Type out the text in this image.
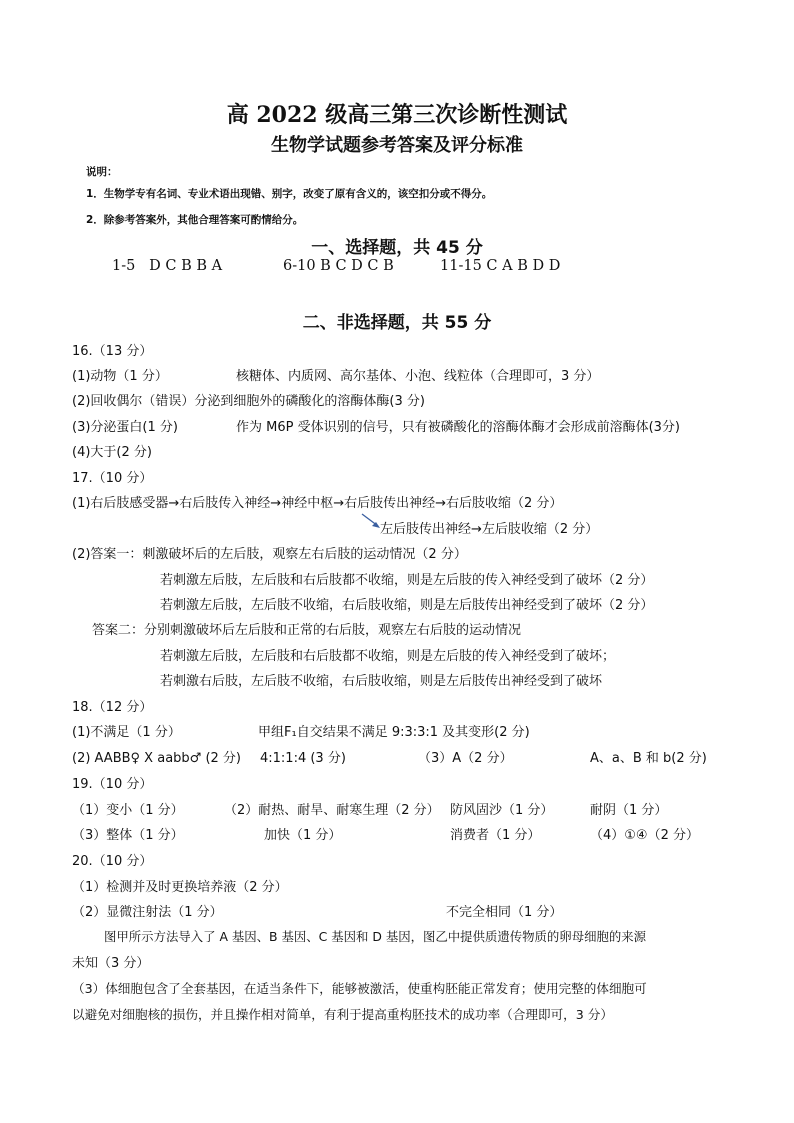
高 2022 级高三第三次诊断性测试
生物学试题参考答案及评分标准
说明：
1．生物学专有名词、专业术语出现错、别字，改变了原有含义的，该空扣分或不得分。
2．除参考答案外，其他合理答案可酌情给分。
一、选择题，共 45 分
1-5   D C B B A	6-10 B C D C B	11-15 C A B D D
二、非选择题，共 55 分
16.（13 分）
(1)动物（1 分）	核糖体、内质网、高尔基体、小泡、线粒体（合理即可，3 分）
(2)回收偶尔（错误）分泌到细胞外的磷酸化的溶酶体酶(3 分)
(3)分泌蛋白(1 分)	作为 M6P 受体识别的信号，只有被磷酸化的溶酶体酶才会形成前溶酶体(3分)
(4)大于(2 分)
17.（10 分）
(1)右后肢感受器→右后肢传入神经→神经中枢→右后肢传出神经→右后肢收缩（2 分）
左后肢传出神经→左后肢收缩（2 分）
(2)答案一：刺激破坏后的左后肢，观察左右后肢的运动情况（2 分）
若刺激左后肢，左后肢和右后肢都不收缩，则是左后肢的传入神经受到了破坏（2 分）
若刺激左后肢，左后肢不收缩，右后肢收缩，则是左后肢传出神经受到了破坏（2 分）
答案二：分别刺激破坏后左后肢和正常的右后肢，观察左右后肢的运动情况
若刺激左后肢，左后肢和右后肢都不收缩，则是左后肢的传入神经受到了破坏；
若刺激右后肢，左后肢不收缩，右后肢收缩，则是左后肢传出神经受到了破坏
18.（12 分）
(1)不满足（1 分）	甲组F₁自交结果不满足 9:3:3:1 及其变形(2 分)
(2) AABB♀ X aabb♂ (2 分) 4:1:1:4 (3 分)	（3）A（2 分）	A、a、B 和 b(2 分)
19.（10 分）
（1）变小（1 分）	（2）耐热、耐旱、耐寒生理（2 分） 防风固沙（1 分）	耐阴（1 分）
（3）整体（1 分）	加快（1 分）	消费者（1 分）	（4）①④（2 分）
20.（10 分）
（1）检测并及时更换培养液（2 分）
（2）显微注射法（1 分）	不完全相同（1 分）
图甲所示方法导入了 A 基因、B 基因、C 基因和 D 基因，图乙中提供质遗传物质的卵母细胞的来源
未知（3 分）
（3）体细胞包含了全套基因，在适当条件下，能够被激活，使重构胚能正常发育；使用完整的体细胞可
以避免对细胞核的损伤，并且操作相对简单，有利于提高重构胚技术的成功率（合理即可，3 分）
